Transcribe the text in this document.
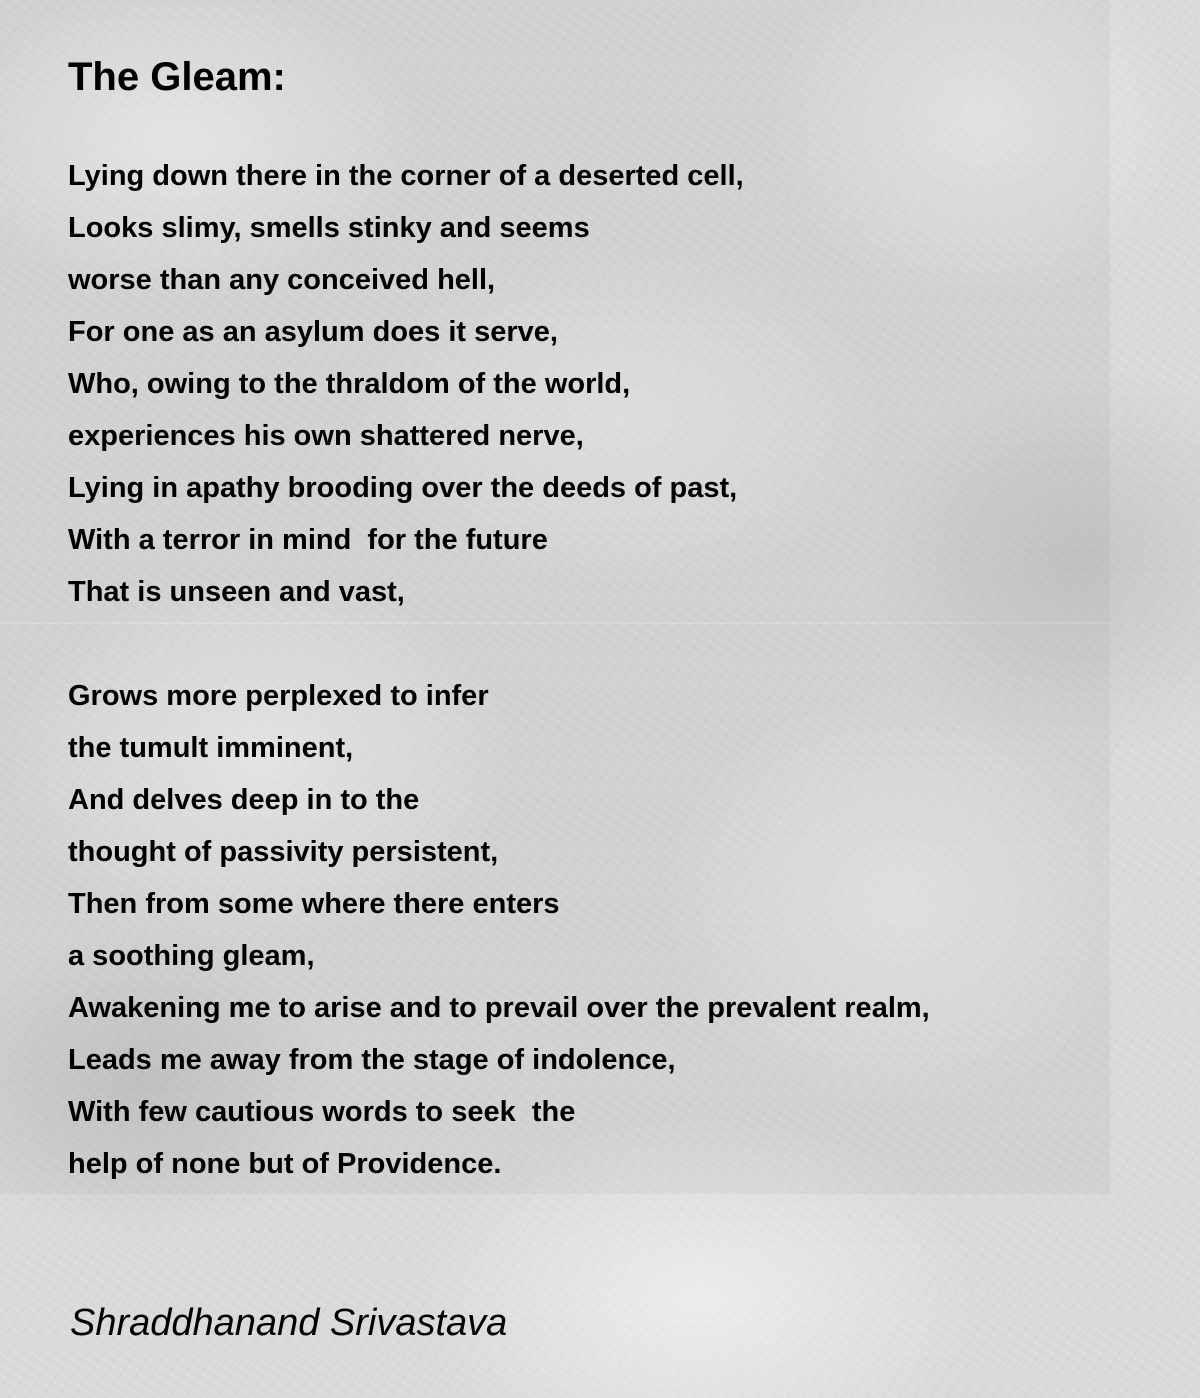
The Gleam:
Lying down there in the corner of a deserted cell,
Looks slimy, smells stinky and seems
worse than any conceived hell,
For one as an asylum does it serve,
Who, owing to the thraldom of the world,
experiences his own shattered nerve,
Lying in apathy brooding over the deeds of past,
With a terror in mind  for the future
That is unseen and vast,
Grows more perplexed to infer
the tumult imminent,
And delves deep in to the
thought of passivity persistent,
Then from some where there enters
a soothing gleam,
Awakening me to arise and to prevail over the prevalent realm,
Leads me away from the stage of indolence,
With few cautious words to seek  the
help of none but of Providence.

Shraddhanand Srivastava
